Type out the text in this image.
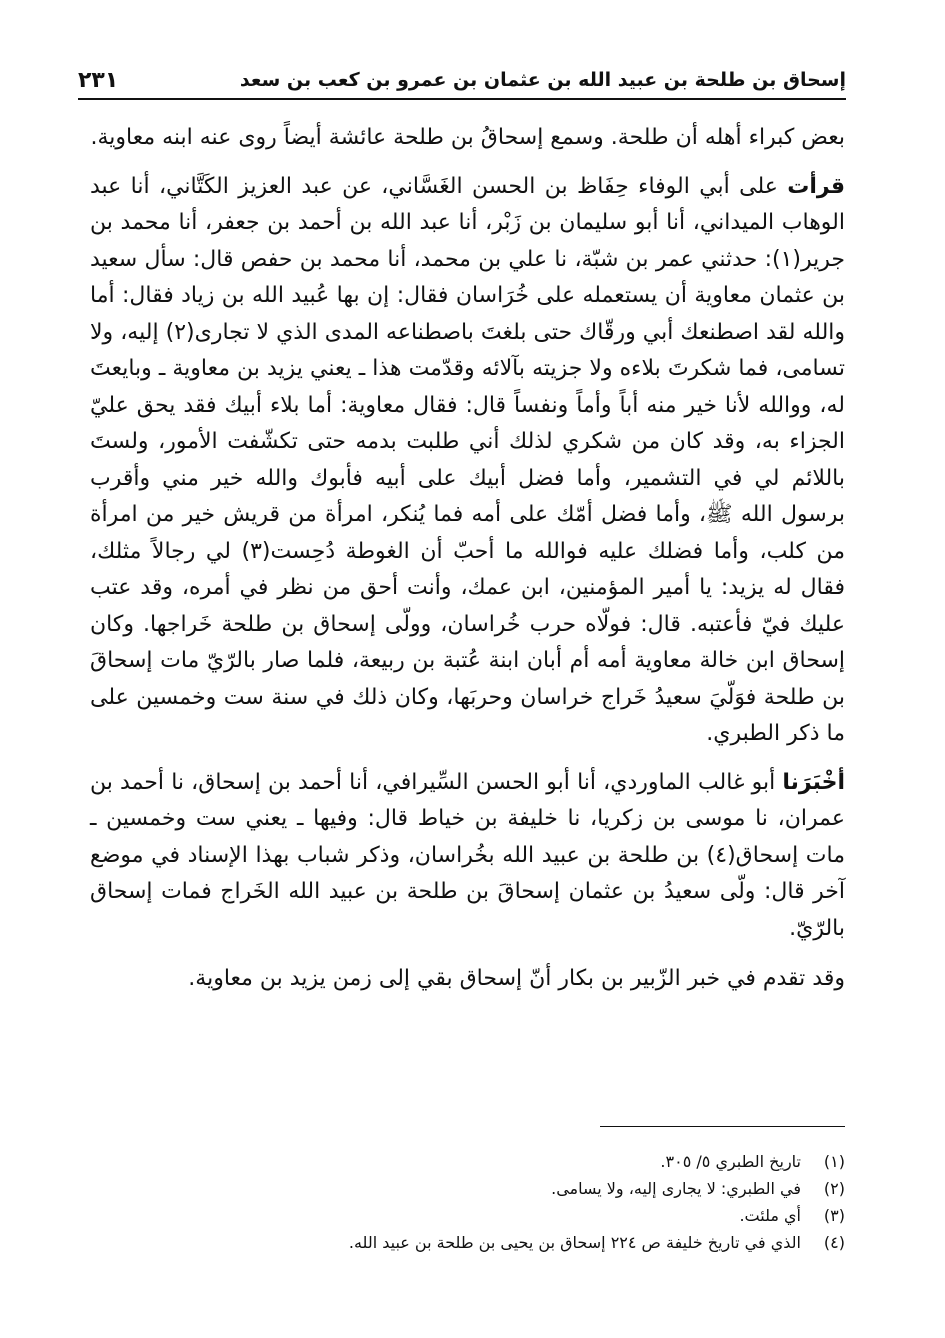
إسحاق بن طلحة بن عبيد الله بن عثمان بن عمرو بن كعب بن سعد
٢٣١

بعض كبراء أهله أن طلحة. وسمع إسحاقُ بن طلحة عائشة أيضاً روى عنه ابنه معاوية.

قرأت على أبي الوفاء حِفَاظ بن الحسن الغَسَّاني، عن عبد العزيز الكَتَّاني، أنا عبد الوهاب الميداني، أنا أبو سليمان بن زَبْر، أنا عبد الله بن أحمد بن جعفر، أنا محمد بن جرير(١): حدثني عمر بن شبّة، نا علي بن محمد، أنا محمد بن حفص قال: سأل سعيد بن عثمان معاوية أن يستعمله على خُرَاسان فقال: إن بها عُبيد الله بن زياد فقال: أما والله لقد اصطنعك أبي ورقّاك حتى بلغتَ باصطناعه المدى الذي لا تجارى(٢) إليه، ولا تسامى، فما شكرتَ بلاءه ولا جزيته بآلائه وقدّمت هذا ـ يعني يزيد بن معاوية ـ وبايعتَ له، ووالله لأنا خير منه أباً وأماً ونفساً قال: فقال معاوية: أما بلاء أبيك فقد يحق عليّ الجزاء به، وقد كان من شكري لذلك أني طلبت بدمه حتى تكشّفت الأمور، ولستَ باللائم لي في التشمير، وأما فضل أبيك على أبيه فأبوك والله خير مني وأقرب برسول الله ﷺ، وأما فضل أمّك على أمه فما يُنكر، امرأة من قريش خير من امرأة من كلب، وأما فضلك عليه فوالله ما أحبّ أن الغوطة دُحِست(٣) لي رجالاً مثلك، فقال له يزيد: يا أمير المؤمنين، ابن عمك، وأنت أحق من نظر في أمره، وقد عتب عليك فيّ فأعتبه. قال: فولّاه حرب خُراسان، وولّى إسحاق بن طلحة خَراجها. وكان إسحاق ابن خالة معاوية أمه أم أبان ابنة عُتبة بن ربيعة، فلما صار بالرّيّ مات إسحاقَ بن طلحة فوَلّيَ سعيدُ خَراج خراسان وحربَها، وكان ذلك في سنة ست وخمسين على ما ذكر الطبري.

أخْبَرَنا أبو غالب الماوردي، أنا أبو الحسن السِّيرافي، أنا أحمد بن إسحاق، نا أحمد بن عمران، نا موسى بن زكريا، نا خليفة بن خياط قال: وفيها ـ يعني ست وخمسين ـ مات إسحاق(٤) بن طلحة بن عبيد الله بخُراسان، وذكر شباب بهذا الإسناد في موضع آخر قال: ولّى سعيدُ بن عثمان إسحاقَ بن طلحة بن عبيد الله الخَراج فمات إسحاق بالرّيّ.

وقد تقدم في خبر الزّبير بن بكار أنّ إسحاق بقي إلى زمن يزيد بن معاوية.

(١)
تاريخ الطبري ٥/ ٣٠٥.
(٢)
في الطبري: لا يجارى إليه، ولا يسامى.
(٣)
أي ملئت.
(٤)
الذي في تاريخ خليفة ص ٢٢٤ إسحاق بن يحيى بن طلحة بن عبيد الله.
